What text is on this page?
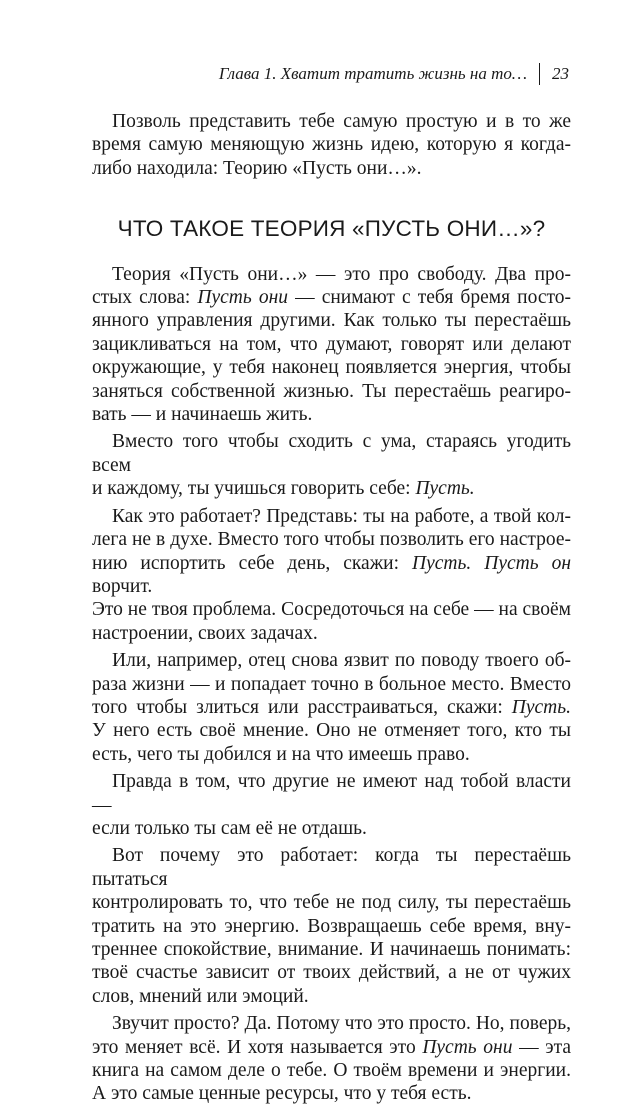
Глава 1. Хватит тратить жизнь на то… 23

Позволь представить тебе самую простую и в то же
время самую меняющую жизнь идею, которую я когда-
либо находила: Теорию «Пусть они…».

ЧТО ТАКОЕ ТЕОРИЯ «ПУСТЬ ОНИ…»?

Теория «Пусть они…» — это про свободу. Два про-
стых слова: Пусть они — снимают с тебя бремя посто-
янного управления другими. Как только ты перестаёшь
зацикливаться на том, что думают, говорят или делают
окружающие, у тебя наконец появляется энергия, чтобы
заняться собственной жизнью. Ты перестаёшь реагиро-
вать — и начинаешь жить.

Вместо того чтобы сходить с ума, стараясь угодить всем
и каждому, ты учишься говорить себе: Пусть.

Как это работает? Представь: ты на работе, а твой кол-
лега не в духе. Вместо того чтобы позволить его настрое-
нию испортить себе день, скажи: Пусть. Пусть он ворчит.
Это не твоя проблема. Сосредоточься на себе — на своём
настроении, своих задачах.

Или, например, отец снова язвит по поводу твоего об-
раза жизни — и попадает точно в больное место. Вместо
того чтобы злиться или расстраиваться, скажи: Пусть.
У него есть своё мнение. Оно не отменяет того, кто ты
есть, чего ты добился и на что имеешь право.

Правда в том, что другие не имеют над тобой власти —
если только ты сам её не отдашь.

Вот почему это работает: когда ты перестаёшь пытаться
контролировать то, что тебе не под силу, ты перестаёшь
тратить на это энергию. Возвращаешь себе время, вну-
треннее спокойствие, внимание. И начинаешь понимать:
твоё счастье зависит от твоих действий, а не от чужих
слов, мнений или эмоций.

Звучит просто? Да. Потому что это просто. Но, поверь,
это меняет всё. И хотя называется это Пусть они — эта
книга на самом деле о тебе. О твоём времени и энергии.
А это самые ценные ресурсы, что у тебя есть.
